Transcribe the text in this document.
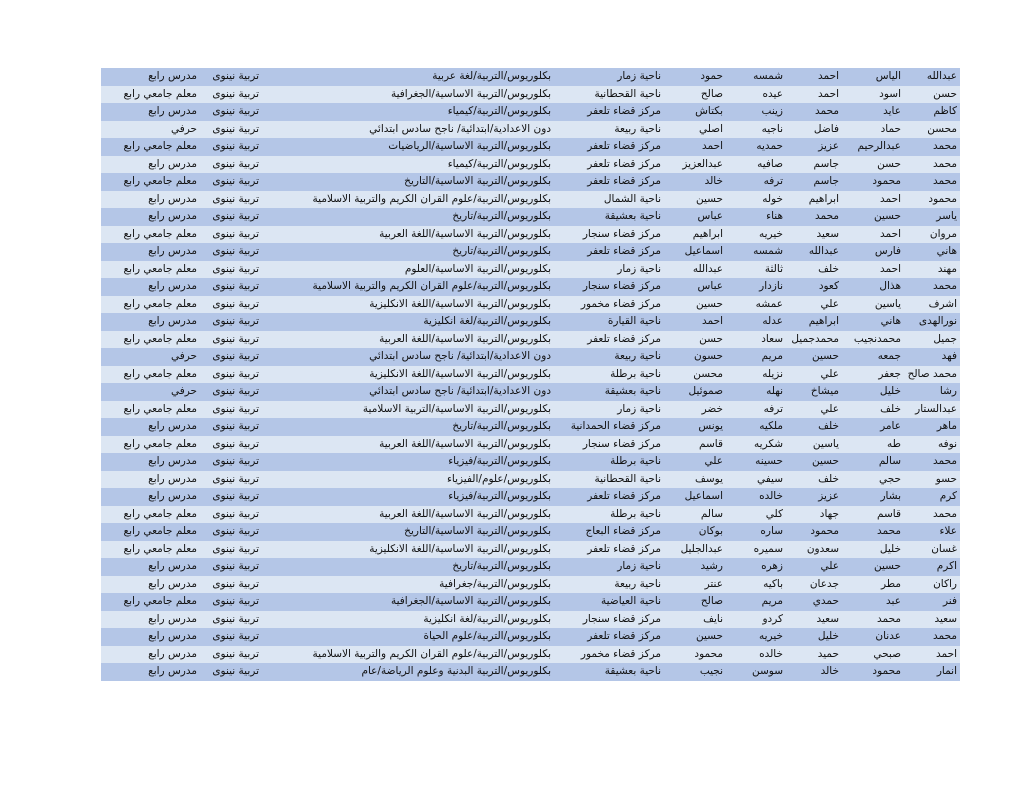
عبدالله	الياس	احمد	شمسه	حمود	ناحية زمار	بكلوريوس/التربية/لغة عربية	تربية نينوى	مدرس رابع
حسن	اسود	احمد	عيده	صالح	ناحية القحطانية	بكلوريوس/التربية الاساسية/الجغرافية	تربية نينوى	معلم جامعي رابع
كاظم	عايد	محمد	زينب	بكتاش	مركز قضاء تلعفر	بكلوريوس/التربية/كيمياء	تربية نينوى	مدرس رابع
محسن	حماد	فاضل	ناجيه	اصلي	ناحية ربيعة	دون الاعدادية/ابتدائية/ ناجح سادس ابتدائي	تربية نينوى	حرفي
محمد	عبدالرحيم	عزيز	حمديه	احمد	مركز قضاء تلعفر	بكلوريوس/التربية الاساسية/الرياضيات	تربية نينوى	معلم جامعي رابع
محمد	حسن	جاسم	صافيه	عبدالعزيز	مركز قضاء تلعفر	بكلوريوس/التربية/كيمياء	تربية نينوى	مدرس رابع
محمد	محمود	جاسم	ترفه	خالد	مركز قضاء تلعفر	بكلوريوس/التربية الاساسية/التاريخ	تربية نينوى	معلم جامعي رابع
محمود	احمد	ابراهيم	خوله	حسين	ناحية الشمال	بكلوريوس/التربية/علوم القران الكريم والتربية الاسلامية	تربية نينوى	مدرس رابع
ياسر	حسين	محمد	هناء	عباس	ناحية بعشيقة	بكلوريوس/التربية/تاريخ	تربية نينوى	مدرس رابع
مروان	احمد	سعيد	خيريه	ابراهيم	مركز قضاء سنجار	بكلوريوس/التربية الاساسية/اللغة العربية	تربية نينوى	معلم جامعي رابع
هاني	فارس	عبدالله	شمسه	اسماعيل	مركز قضاء تلعفر	بكلوريوس/التربية/تاريخ	تربية نينوى	مدرس رابع
مهند	احمد	خلف	ثالثة	عبدالله	ناحية زمار	بكلوريوس/التربية الاساسية/العلوم	تربية نينوى	معلم جامعي رابع
محمد	هذال	كعود	نازدار	عباس	مركز قضاء سنجار	بكلوريوس/التربية/علوم القران الكريم والتربية الاسلامية	تربية نينوى	مدرس رابع
اشرف	ياسين	علي	عمشه	حسين	مركز قضاء مخمور	بكلوريوس/التربية الاساسية/اللغة الانكليزية	تربية نينوى	معلم جامعي رابع
نورالهدى	هاني	ابراهيم	عدله	احمد	ناحية القيارة	بكلوريوس/التربية/لغة انكليزية	تربية نينوى	مدرس رابع
جميل	محمدنجيب	محمدجميل	سعاد	حسن	مركز قضاء تلعفر	بكلوريوس/التربية الاساسية/اللغة العربية	تربية نينوى	معلم جامعي رابع
فهد	جمعه	حسين	مريم	حسون	ناحية ربيعة	دون الاعدادية/ابتدائية/ ناجح سادس ابتدائي	تربية نينوى	حرفي
محمد صالح	جعفر	علي	نزيله	محسن	ناحية برطلة	بكلوريوس/التربية الاساسية/اللغة الانكليزية	تربية نينوى	معلم جامعي رابع
رشا	خليل	ميشاخ	نهله	صموئيل	ناحية بعشيقة	دون الاعدادية/ابتدائية/ ناجح سادس ابتدائي	تربية نينوى	حرفي
عبدالستار	خلف	علي	ترفه	خضر	ناحية زمار	بكلوريوس/التربية الاساسية/التربية الاسلامية	تربية نينوى	معلم جامعي رابع
ماهر	عامر	خلف	ملكيه	يونس	مركز قضاء الحمدانية	بكلوريوس/التربية/تاريخ	تربية نينوى	مدرس رابع
نوفه	طه	ياسين	شكريه	قاسم	مركز قضاء سنجار	بكلوريوس/التربية الاساسية/اللغة العربية	تربية نينوى	معلم جامعي رابع
محمد	سالم	حسين	حسينه	علي	ناحية برطلة	بكلوريوس/التربية/فيزياء	تربية نينوى	مدرس رابع
حسو	حجي	خلف	سيفي	يوسف	ناحية القحطانية	بكلوريوس/علوم/الفيزياء	تربية نينوى	مدرس رابع
كرم	بشار	عزيز	خالده	اسماعيل	مركز قضاء تلعفر	بكلوريوس/التربية/فيزياء	تربية نينوى	مدرس رابع
محمد	قاسم	جهاد	كلي	سالم	ناحية برطلة	بكلوريوس/التربية الاساسية/اللغة العربية	تربية نينوى	معلم جامعي رابع
علاء	محمد	محمود	ساره	بوكان	مركز قضاء البعاج	بكلوريوس/التربية الاساسية/التاريخ	تربية نينوى	معلم جامعي رابع
غسان	خليل	سعدون	سميره	عبدالجليل	مركز قضاء تلعفر	بكلوريوس/التربية الاساسية/اللغة الانكليزية	تربية نينوى	معلم جامعي رابع
اكرم	حسين	علي	زهره	رشيد	ناحية زمار	بكلوريوس/التربية/تاريخ	تربية نينوى	مدرس رابع
راكان	مطر	جدعان	باكيه	عنتر	ناحية ربيعة	بكلوريوس/التربية/جغرافية	تربية نينوى	مدرس رابع
فنر	عبد	حمدي	مريم	صالح	ناحية العياضية	بكلوريوس/التربية الاساسية/الجغرافية	تربية نينوى	معلم جامعي رابع
سعيد	محمد	سعيد	كردو	نايف	مركز قضاء سنجار	بكلوريوس/التربية/لغة انكليزية	تربية نينوى	مدرس رابع
محمد	عدنان	خليل	خيريه	حسين	مركز قضاء تلعفر	بكلوريوس/التربية/علوم الحياة	تربية نينوى	مدرس رابع
احمد	صبحي	حميد	خالده	محمود	مركز قضاء مخمور	بكلوريوس/التربية/علوم القران الكريم والتربية الاسلامية	تربية نينوى	مدرس رابع
انمار	محمود	خالد	سوسن	نجيب	ناحية بعشيقة	بكلوريوس/التربية البدنية وعلوم الرياضة/عام	تربية نينوى	مدرس رابع
